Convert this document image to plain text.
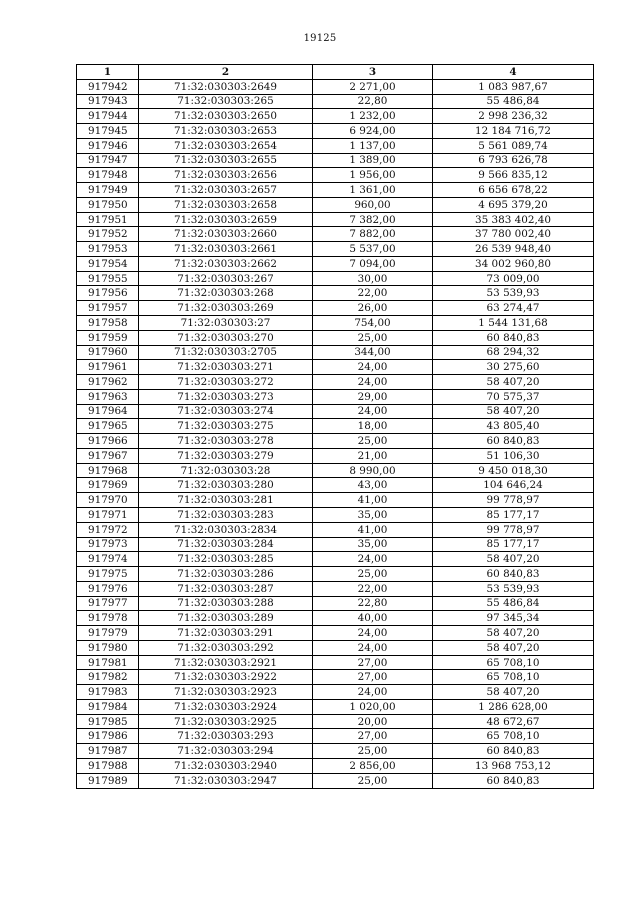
19125
1	2	3	4
917942	71:32:030303:2649	2 271,00	1 083 987,67
917943	71:32:030303:265	22,80	55 486,84
917944	71:32:030303:2650	1 232,00	2 998 236,32
917945	71:32:030303:2653	6 924,00	12 184 716,72
917946	71:32:030303:2654	1 137,00	5 561 089,74
917947	71:32:030303:2655	1 389,00	6 793 626,78
917948	71:32:030303:2656	1 956,00	9 566 835,12
917949	71:32:030303:2657	1 361,00	6 656 678,22
917950	71:32:030303:2658	960,00	4 695 379,20
917951	71:32:030303:2659	7 382,00	35 383 402,40
917952	71:32:030303:2660	7 882,00	37 780 002,40
917953	71:32:030303:2661	5 537,00	26 539 948,40
917954	71:32:030303:2662	7 094,00	34 002 960,80
917955	71:32:030303:267	30,00	73 009,00
917956	71:32:030303:268	22,00	53 539,93
917957	71:32:030303:269	26,00	63 274,47
917958	71:32:030303:27	754,00	1 544 131,68
917959	71:32:030303:270	25,00	60 840,83
917960	71:32:030303:2705	344,00	68 294,32
917961	71:32:030303:271	24,00	30 275,60
917962	71:32:030303:272	24,00	58 407,20
917963	71:32:030303:273	29,00	70 575,37
917964	71:32:030303:274	24,00	58 407,20
917965	71:32:030303:275	18,00	43 805,40
917966	71:32:030303:278	25,00	60 840,83
917967	71:32:030303:279	21,00	51 106,30
917968	71:32:030303:28	8 990,00	9 450 018,30
917969	71:32:030303:280	43,00	104 646,24
917970	71:32:030303:281	41,00	99 778,97
917971	71:32:030303:283	35,00	85 177,17
917972	71:32:030303:2834	41,00	99 778,97
917973	71:32:030303:284	35,00	85 177,17
917974	71:32:030303:285	24,00	58 407,20
917975	71:32:030303:286	25,00	60 840,83
917976	71:32:030303:287	22,00	53 539,93
917977	71:32:030303:288	22,80	55 486,84
917978	71:32:030303:289	40,00	97 345,34
917979	71:32:030303:291	24,00	58 407,20
917980	71:32:030303:292	24,00	58 407,20
917981	71:32:030303:2921	27,00	65 708,10
917982	71:32:030303:2922	27,00	65 708,10
917983	71:32:030303:2923	24,00	58 407,20
917984	71:32:030303:2924	1 020,00	1 286 628,00
917985	71:32:030303:2925	20,00	48 672,67
917986	71:32:030303:293	27,00	65 708,10
917987	71:32:030303:294	25,00	60 840,83
917988	71:32:030303:2940	2 856,00	13 968 753,12
917989	71:32:030303:2947	25,00	60 840,83
